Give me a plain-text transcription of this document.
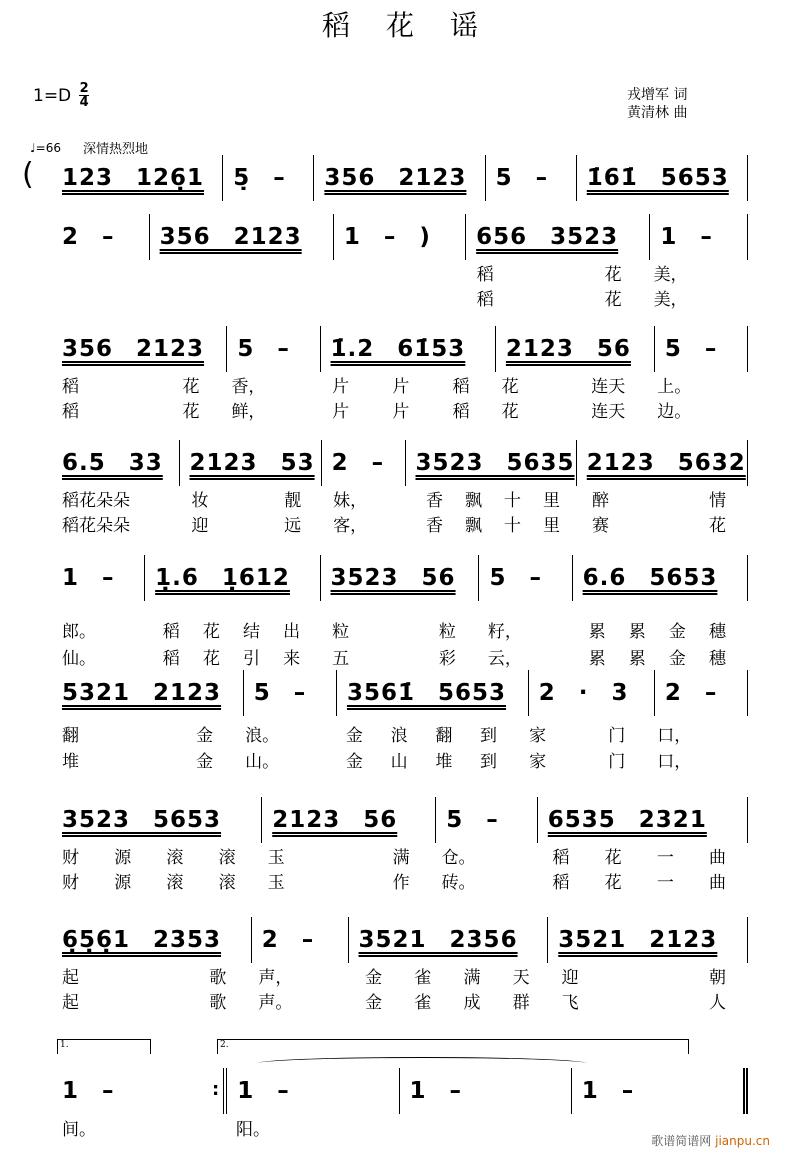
稻花谣
$1=D \frac{2}{4}$	戎增军 词
黄清林 曲
♩=66 深情热烈地
123 126̣1 5̣ – 356 2123 5 – 1̇61̇ 5653
(
2 – 356 2123 1 – ) 656 3523 1 –
稻	花 美，
稻	花 美，
356 2123 5 – 1̇.2 61̇53 2123 56 5 –
稻	花 香，	片	片	稻 花	连天 上。
稻	花 鲜，	片	片	稻 花	连天 边。
6.5 33 2123 53 2 – 3523 5635 2123 5632
稻花朵朵	妆	靓 妹，	香 飘 十 里 醉	情
稻花朵朵	迎	远 客，	香 飘 十 里 赛	花
1 – 1̣.6 1̣612 3523 56 5 – 6.6 5653
郎。	稻 花 结 出 粒	粒 籽，	累 累 金 穗
仙。	稻 花 引 来 五	彩 云，	累 累 金 穗
5321 2123 5 – 3561̇ 5653 2 · 3 2 –
翻	金 浪。	金 浪 翻 到 家	门 口，
堆	金 山。	金 山 堆 到 家	门 口，
3523 5653 2123 56 5 – 6535 2321
财 源 滚 滚 玉	满 仓。	稻 花 一 曲
财 源 滚 滚 玉	作 砖。	稻 花 一 曲
6̣5̣6̣1 2353 2 – 3521 2356 3521 2123
起	歌 声，	金 雀 满 天 迎	朝
起	歌 声。	金 雀 成 群 飞	人
1 –
:	1 –	1 –	1 –
1.	2.
间。	阳。
歌谱简谱网 jianpu.cn
